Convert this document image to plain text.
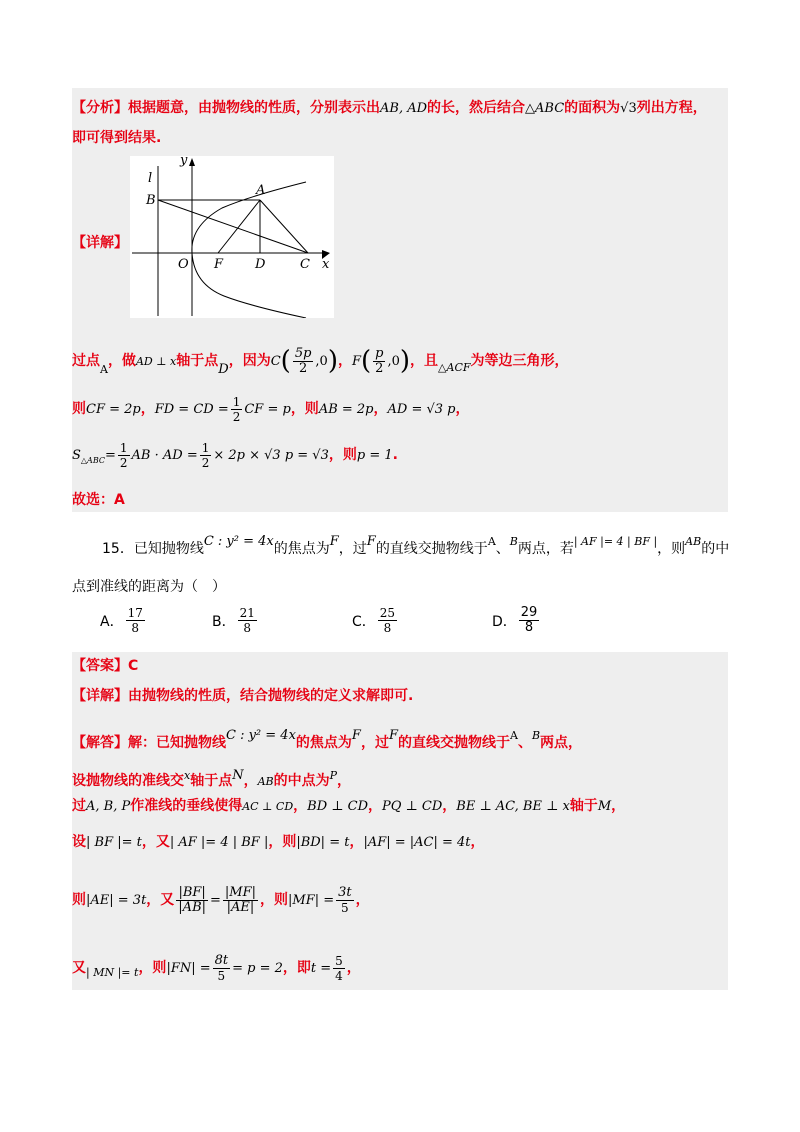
【分析】根据题意，由抛物线的性质，分别表示出AB, AD的长，然后结合△ABC的面积为√3列出方程，
即可得到结果.
【详解】
y
l
A
B
O F D	C x
过点$_A$，做AD ⊥ x轴于点D，因为$C( \frac{5p}{2} ,0)$，$F( \frac{p}{2} ,0)$，且$_{\triangle ACF}$为等边三角形，
则CF = 2p，FD = CD = $\frac{1}{2}$ CF = p，则AB = 2p，AD = √3 p，
$S_{\triangle ABC}= \frac{1}{2}$ AB · AD = $\frac{1}{2} \times 2p \times √3$ p = √3，则p = 1.
故选：A
15．已知抛物线C : y² = 4x的焦点为F，过F的直线交抛物线于$^A$、$^B$两点，若$^{| AF |= 4 | BF |}$，则$^{AB}$的中
点到准线的距离为（　）
A． $\frac{17}{8}$	B． $\frac{21}{8}$	C． $\frac{25}{8}$	D． $\frac{29}{8}$
【答案】C
【详解】由抛物线的性质，结合抛物线的定义求解即可.
【解答】解：已知抛物线C : y² = 4x的焦点为F，过F的直线交抛物线于$^A$、$^B$两点，
设抛物线的准线交$^x$轴于点N，AB的中点为$^P$，
过A, B, P作准线的垂线使得AC ⊥ CD，BD ⊥ CD，PQ ⊥ CD，BE ⊥ AC, BE ⊥ x轴于M，
设| BF |= t，又| AF |= 4 | BF |，则|BD| = t，|AF| = |AC| = 4t，
则|AE| = 3t，又 $\frac{|BF|}{|AB|} = \frac{|MF|}{|AE|}$ ，则$|MF| = \frac{3t}{5}$ ，
又$_{| MN |= t}$，则$|FN| = \frac{8t}{5} = p = 2$，即$t = \frac{5}{4}$ ，
